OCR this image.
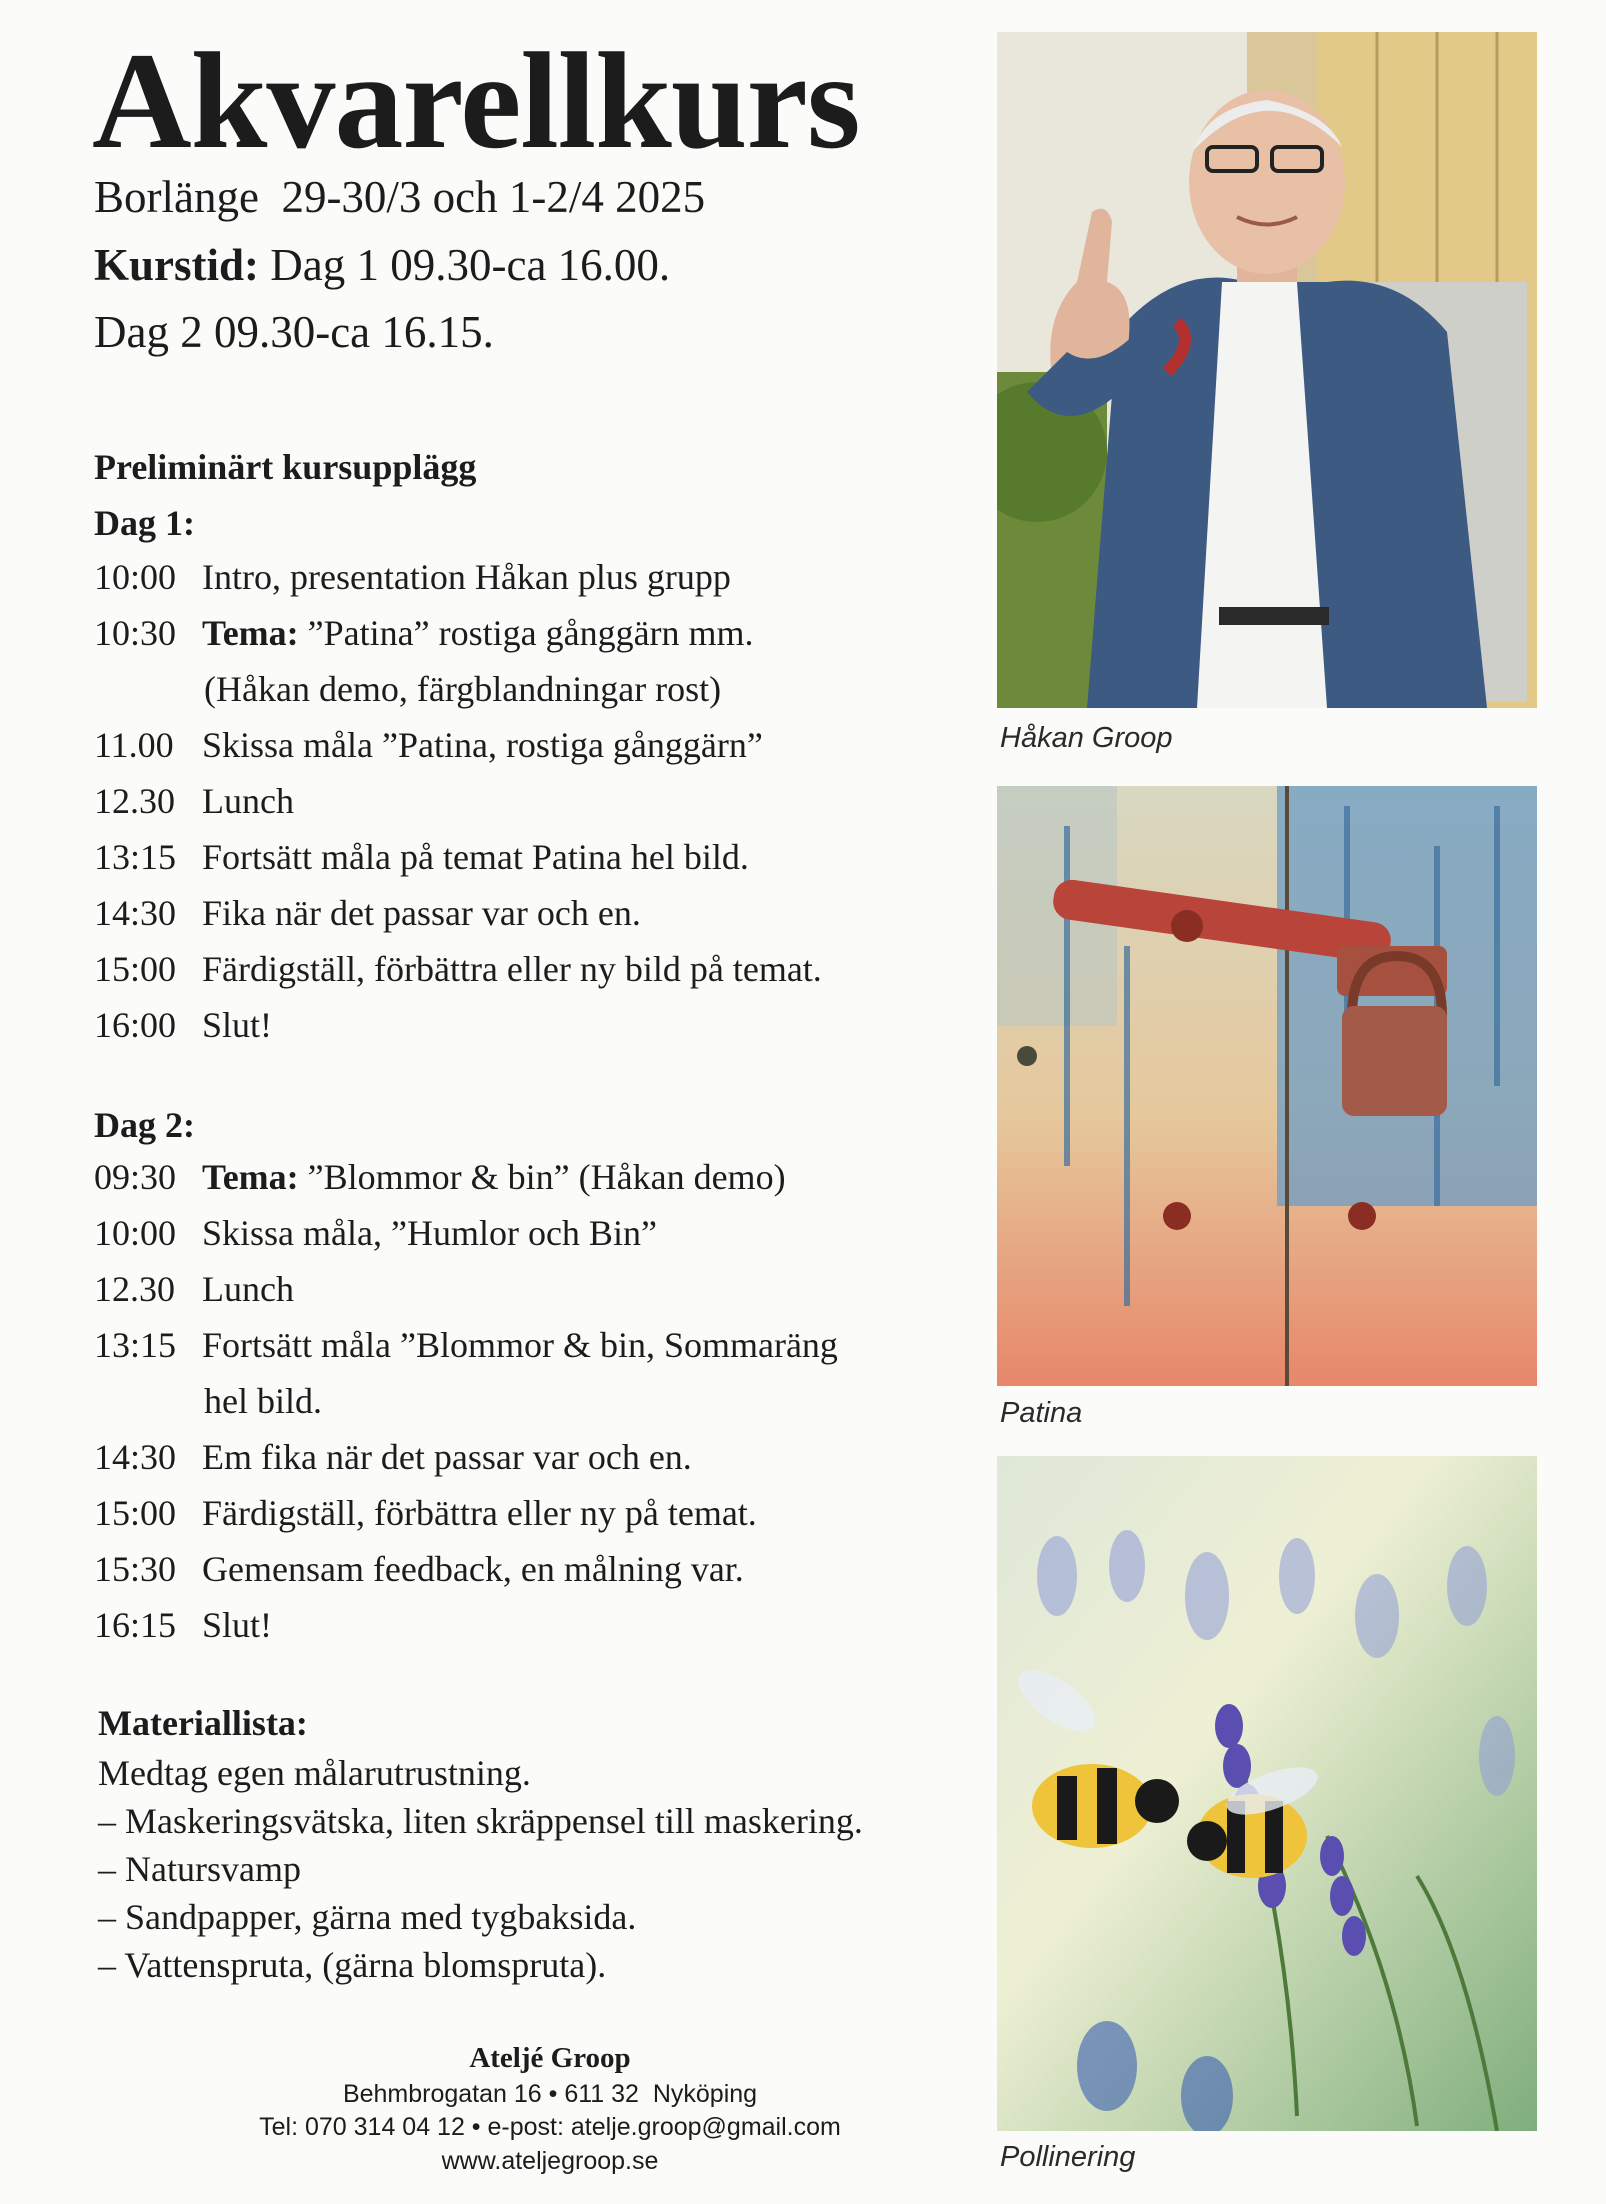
Akvarellkurs
Borlänge  29-30/3 och 1-2/4 2025
Kurstid: Dag 1 09.30-ca 16.00.
Dag 2 09.30-ca 16.15.
Preliminärt kursupplägg
Dag 1:
10:00 Intro, presentation Håkan plus grupp
10:30 Tema: ”Patina” rostiga gånggärn mm.
(Håkan demo, färgblandningar rost)
11.00 Skissa måla ”Patina, rostiga gånggärn”
12.30 Lunch
13:15 Fortsätt måla på temat Patina hel bild.
14:30 Fika när det passar var och en.
15:00 Färdigställ, förbättra eller ny bild på temat.
16:00 Slut!
Dag 2:
09:30 Tema: ”Blommor & bin” (Håkan demo)
10:00 Skissa måla, ”Humlor och Bin”
12.30 Lunch
13:15 Fortsätt måla ”Blommor & bin, Sommaräng
hel bild.
14:30 Em fika när det passar var och en.
15:00 Färdigställ, förbättra eller ny på temat.
15:30 Gemensam feedback, en målning var.
16:15 Slut!
Materiallista:
Medtag egen målarutrustning.
– Maskeringsvätska, liten skräppensel till maskering.
– Natursvamp
– Sandpapper, gärna med tygbaksida.
– Vattenspruta, (gärna blomspruta).
Ateljé Groop
Behmbrogatan 16 • 611 32  Nyköping
Tel: 070 314 04 12 • e-post: atelje.groop@gmail.com
www.ateljegroop.se
Håkan Groop
Patina
Pollinering
